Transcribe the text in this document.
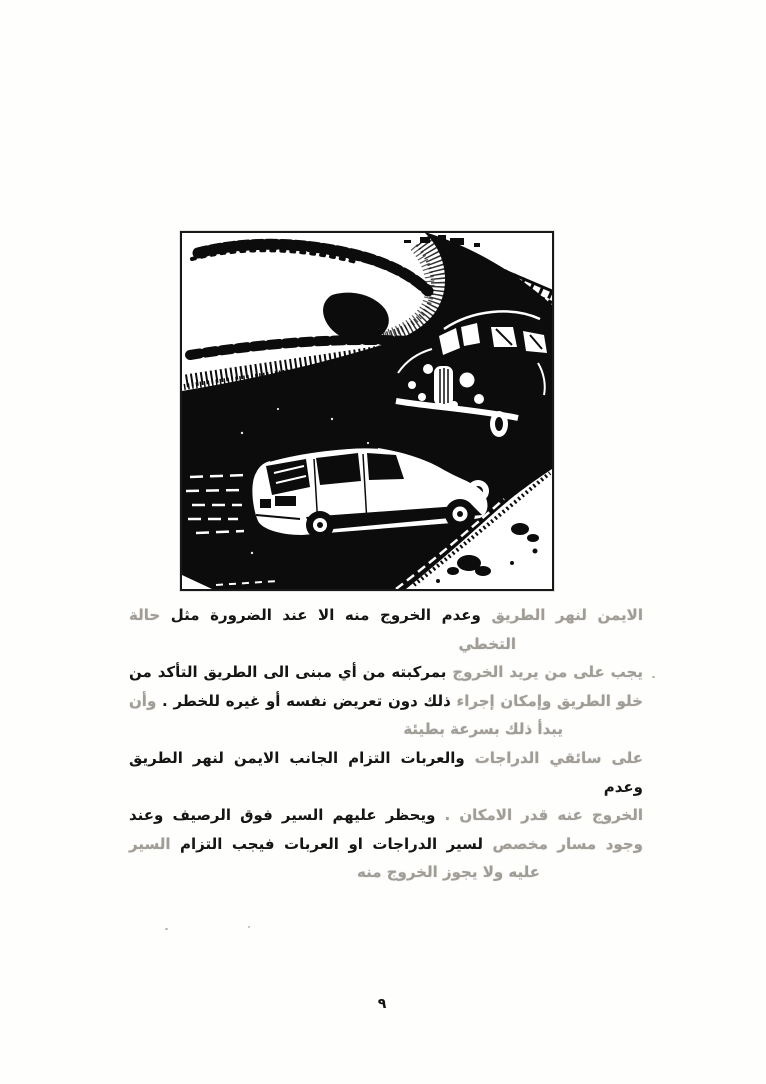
الايمن لنهر الطريق وعدم الخروج منه الا عند الضرورة مثل حالة
التخطي
يجب على من يريد الخروج بمركبته من أي مبنى الى الطريق التأكد من
خلو الطريق وإمكان إجراء ذلك دون تعريض نفسه أو غيره للخطر . وأن
يبدأ ذلك بسرعة بطيئة
على سائقي الدراجات والعربات التزام الجانب الايمن لنهر الطريق وعدم
الخروج عنه قدر الامكان . ويحظر عليهم السير فوق الرصيف وعند
وجود مسار مخصص لسير الدراجات او العربات فيجب التزام السير
عليه ولا يجوز الخروج منه
٩
